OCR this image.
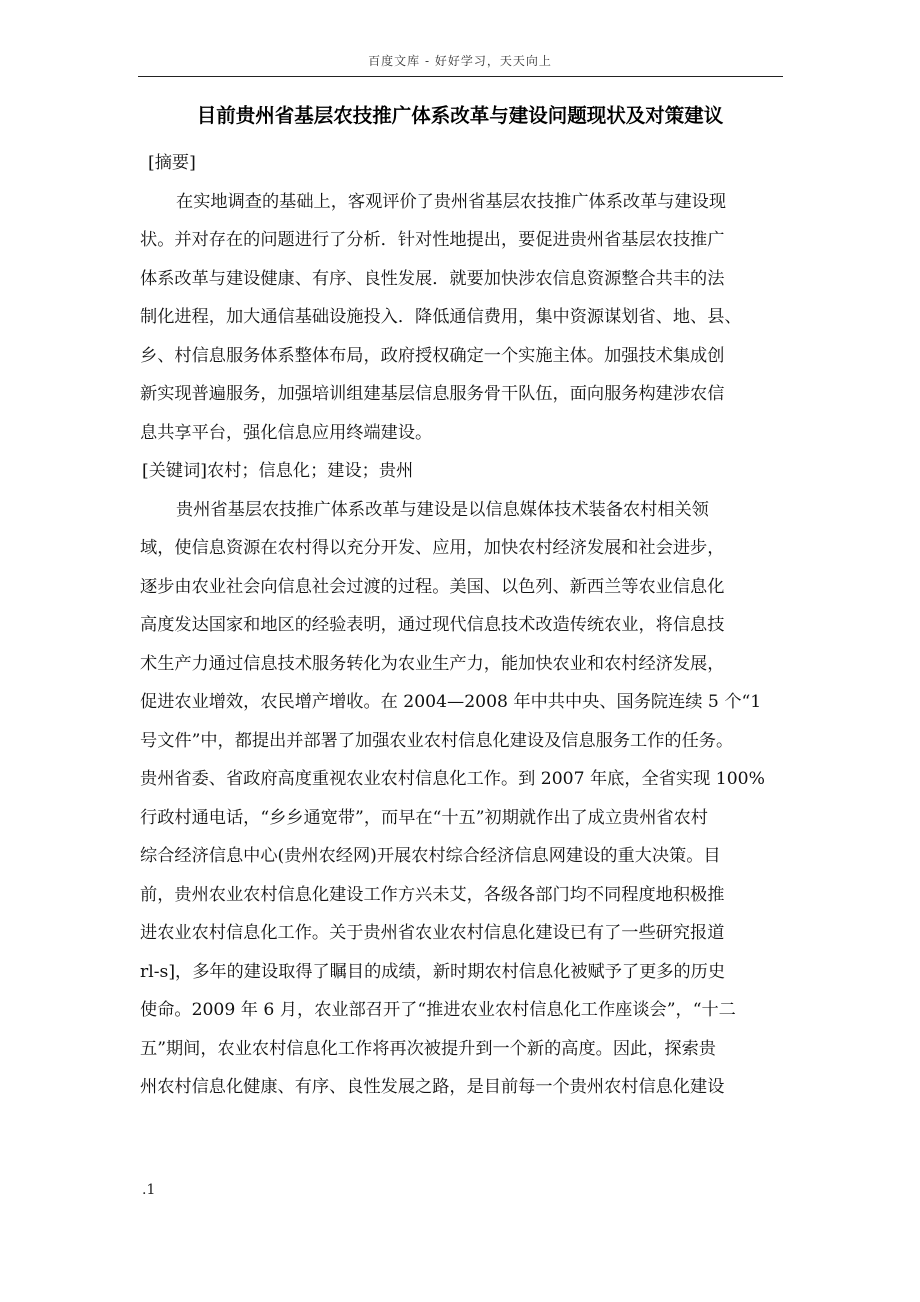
百度文库 - 好好学习，天天向上
目前贵州省基层农技推广体系改革与建设问题现状及对策建议
[摘要]
在实地调查的基础上，客观评价了贵州省基层农技推广体系改革与建设现
状。并对存在的问题进行了分析．针对性地提出，要促进贵州省基层农技推广
体系改革与建设健康、有序、良性发展．就要加快涉农信息资源整合共丰的法
制化进程，加大通信基础设施投入．降低通信费用，集中资源谋划省、地、县、
乡、村信息服务体系整体布局，政府授权确定一个实施主体。加强技术集成创
新实现普遍服务，加强培训组建基层信息服务骨干队伍，面向服务构建涉农信
息共享平台，强化信息应用终端建设。
[关键词]农村；信息化；建设；贵州
贵州省基层农技推广体系改革与建设是以信息媒体技术装备农村相关领
域，使信息资源在农村得以充分开发、应用，加快农村经济发展和社会进步，
逐步由农业社会向信息社会过渡的过程。美国、以色列、新西兰等农业信息化
高度发达国家和地区的经验表明，通过现代信息技术改造传统农业，将信息技
术生产力通过信息技术服务转化为农业生产力，能加快农业和农村经济发展，
促进农业增效，农民增产增收。在 2004—2008 年中共中央、国务院连续 5 个“1
号文件”中，都提出并部署了加强农业农村信息化建设及信息服务工作的任务。
贵州省委、省政府高度重视农业农村信息化工作。到 2007 年底，全省实现 100%
行政村通电话，“乡乡通宽带”，而早在“十五”初期就作出了成立贵州省农村
综合经济信息中心(贵州农经网)开展农村综合经济信息网建设的重大决策。目
前，贵州农业农村信息化建设工作方兴未艾，各级各部门均不同程度地积极推
进农业农村信息化工作。关于贵州省农业农村信息化建设已有了一些研究报道
rl-s]，多年的建设取得了瞩目的成绩，新时期农村信息化被赋予了更多的历史
使命。2009 年 6 月，农业部召开了“推进农业农村信息化工作座谈会”，“十二
五”期间，农业农村信息化工作将再次被提升到一个新的高度。因此，探索贵
州农村信息化健康、有序、良性发展之路，是目前每一个贵州农村信息化建设
.1
